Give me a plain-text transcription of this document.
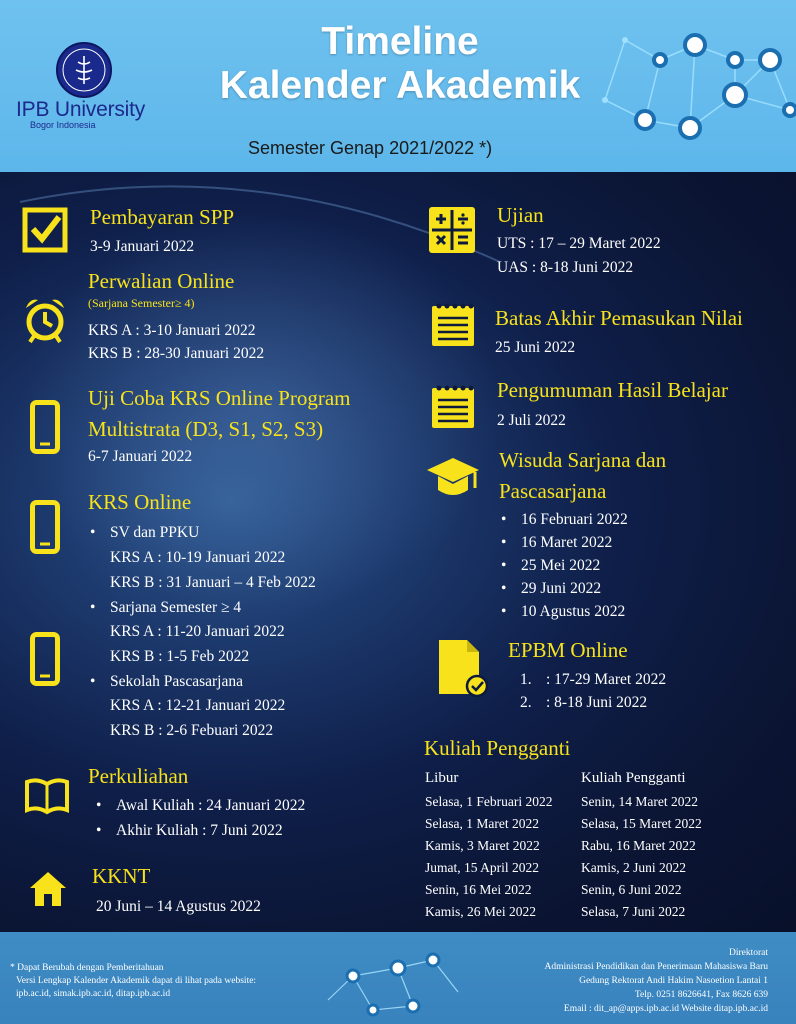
IPB University
Bogor Indonesia
Timeline
Kalender Akademik
Semester Genap 2021/2022 *)
Pembayaran SPP
3-9 Januari 2022
Perwalian Online
(Sarjana Semester≥ 4)
KRS A : 3-10 Januari 2022
KRS B : 28-30 Januari 2022
Uji Coba KRS Online Program
Multistrata (D3, S1, S2, S3)
6-7 Januari 2022
KRS Online
• SV dan PPKU
KRS A : 10-19 Januari 2022
KRS B : 31 Januari – 4 Feb 2022
• Sarjana Semester ≥ 4
KRS A : 11-20 Januari 2022
KRS B : 1-5 Feb 2022
• Sekolah Pascasarjana
KRS A : 12-21 Januari 2022
KRS B : 2-6 Febuari 2022
Perkuliahan
• Awal Kuliah : 24 Januari 2022
• Akhir Kuliah : 7 Juni 2022
KKNT
20 Juni – 14 Agustus 2022
Ujian
UTS : 17 – 29 Maret 2022
UAS : 8-18 Juni 2022
Batas Akhir Pemasukan Nilai
25 Juni 2022
Pengumuman Hasil Belajar
2 Juli 2022
Wisuda Sarjana dan
Pascasarjana
• 16 Februari 2022
• 16 Maret 2022
• 25 Mei 2022
• 29 Juni 2022
• 10 Agustus 2022
EPBM Online
1. : 17-29 Maret 2022
2. : 8-18 Juni 2022
Kuliah Pengganti
Libur	Kuliah Pengganti
Selasa, 1 Februari 2022 Senin, 14 Maret 2022
Selasa, 1 Maret 2022	Selasa, 15 Maret 2022
Kamis, 3 Maret 2022	Rabu, 16 Maret 2022
Jumat, 15 April 2022	Kamis, 2 Juni 2022
Senin, 16 Mei 2022	Senin, 6 Juni 2022
Kamis, 26 Mei 2022	Selasa, 7 Juni 2022
* Dapat Berubah dengan Pemberitahuan
Versi Lengkap Kalender Akademik dapat di lihat pada website:
ipb.ac.id, simak.ipb.ac.id, ditap.ipb.ac.id
Direktorat
Administrasi Pendidikan dan Penerimaan Mahasiswa Baru
Gedung Rektorat Andi Hakim Nasoetion Lantai 1
Telp. 0251 8626641, Fax 8626 639
Email : dit_ap@apps.ipb.ac.id Website ditap.ipb.ac.id
